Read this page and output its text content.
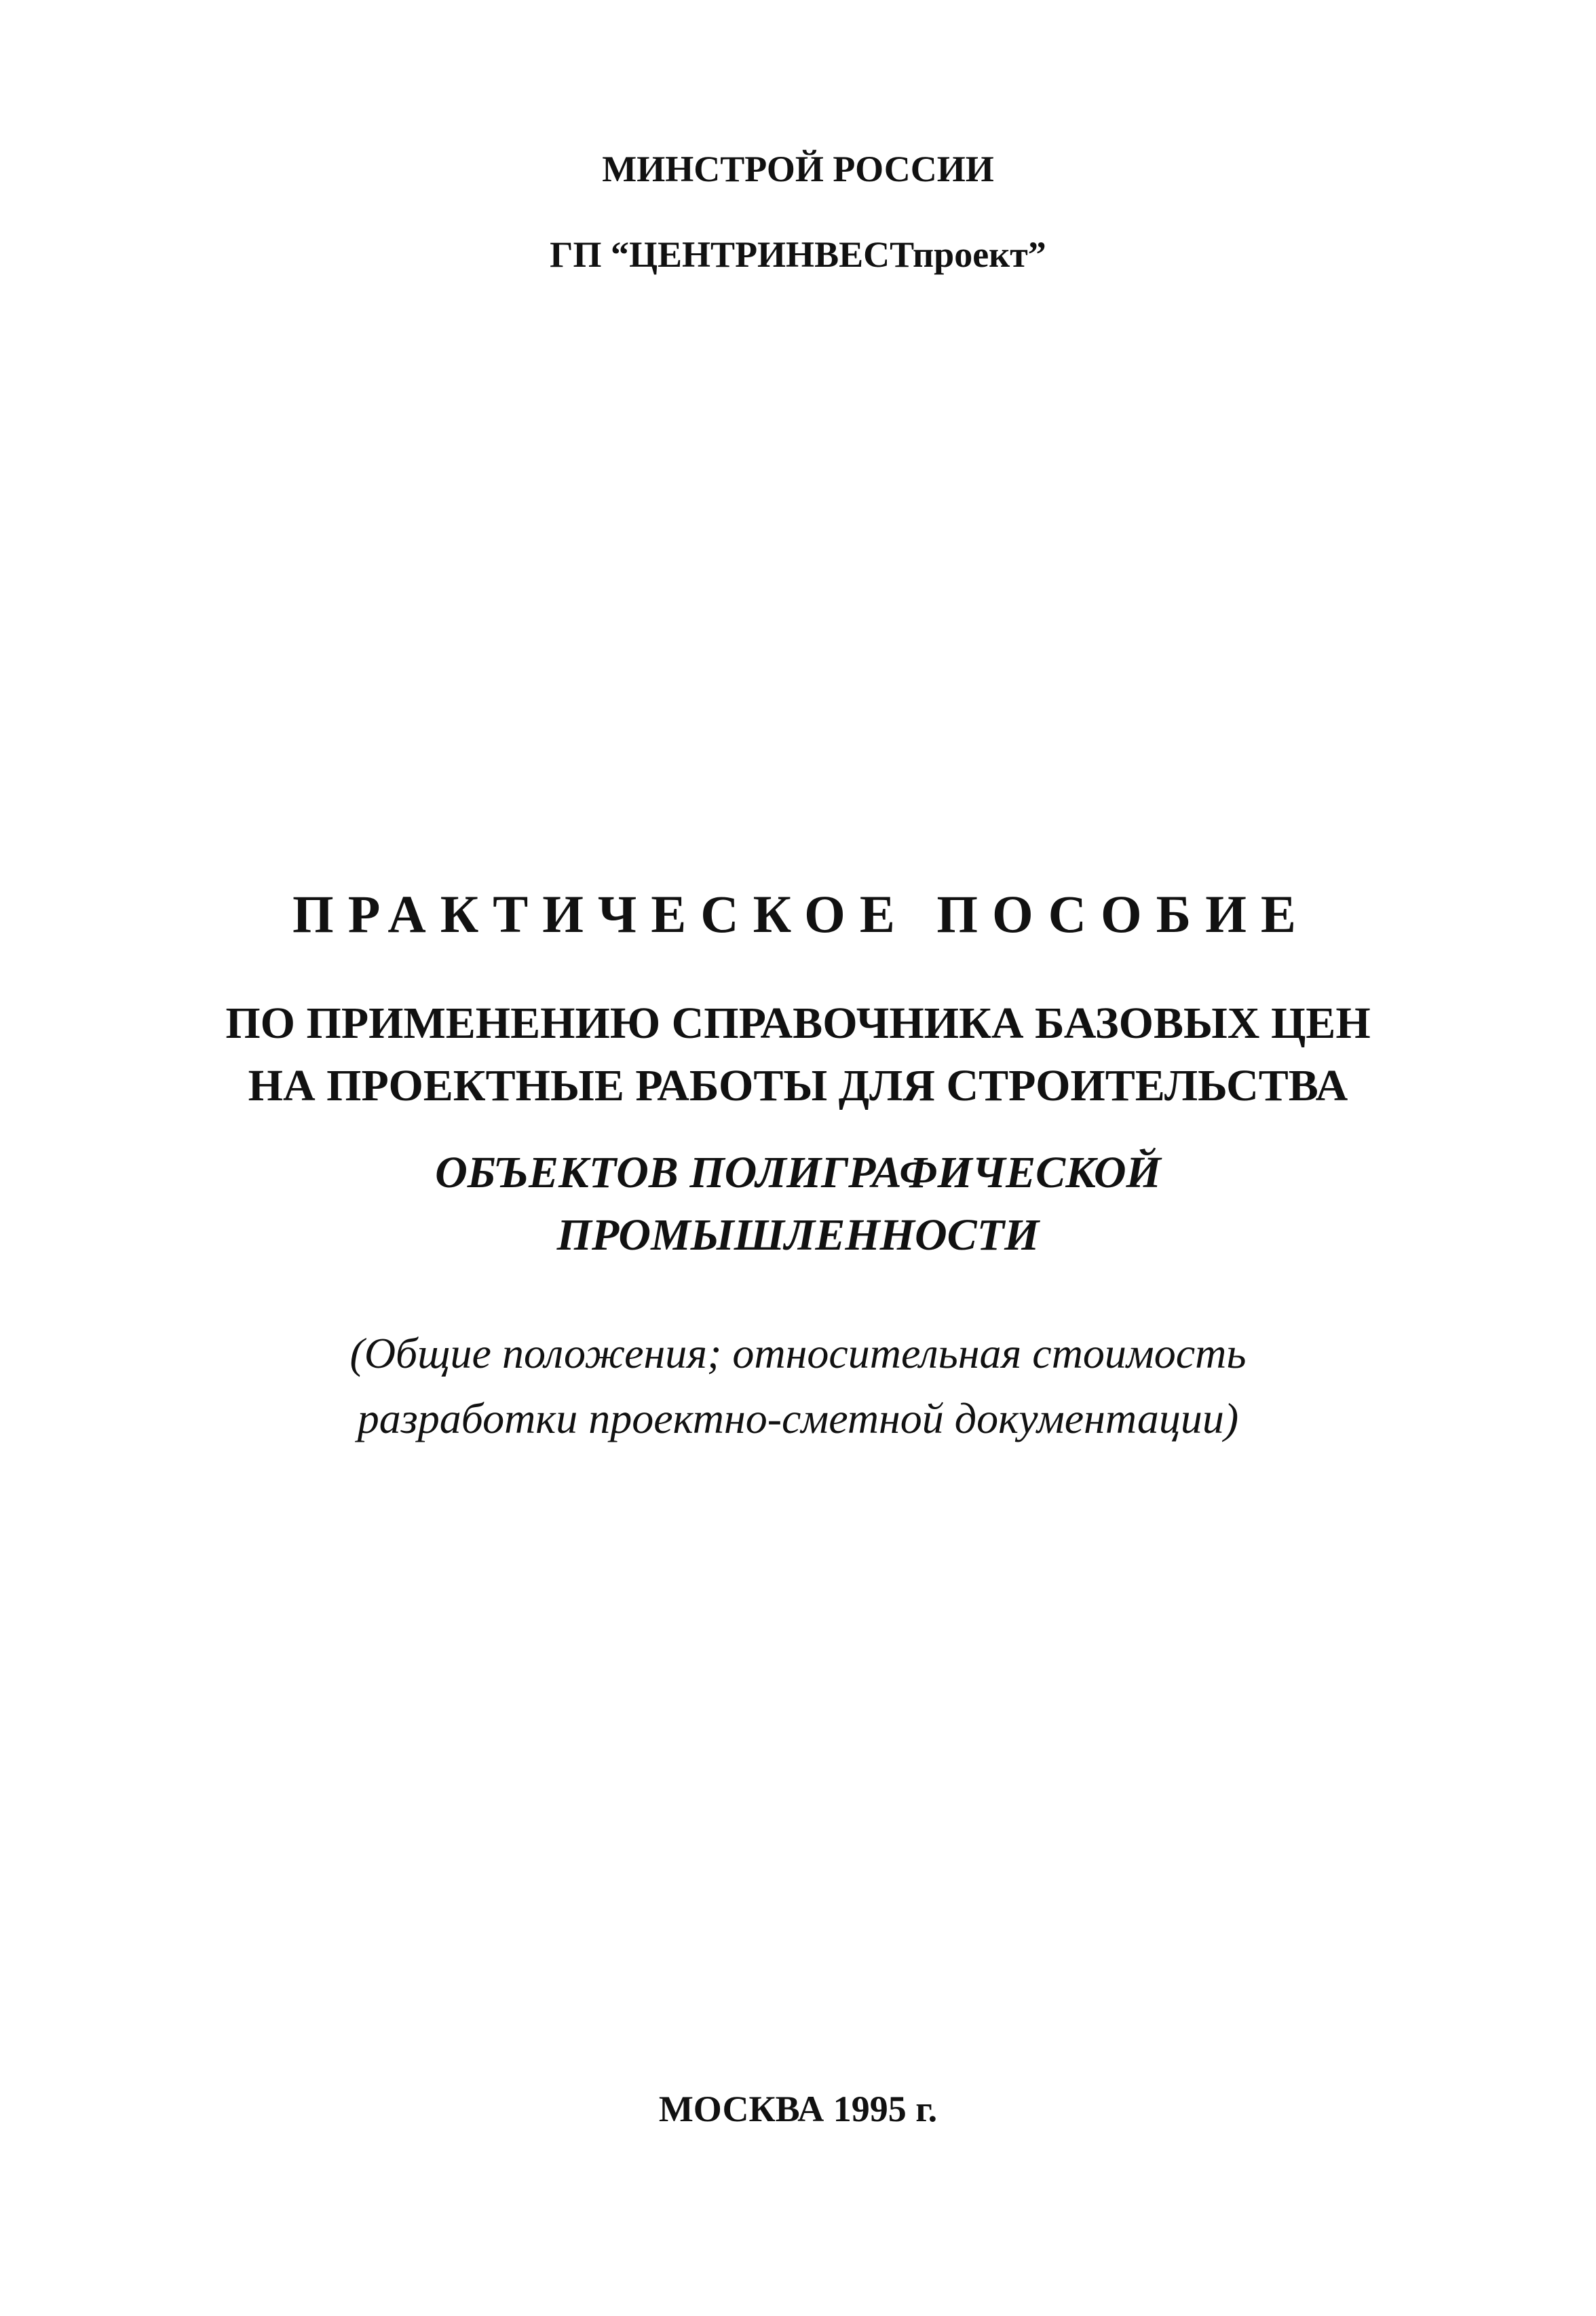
МИНСТРОЙ РОССИИ
ГП “ЦЕНТРИНВЕСТпроект”
ПРАКТИЧЕСКОЕ ПОСОБИЕ
ПО ПРИМЕНЕНИЮ СПРАВОЧНИКА БАЗОВЫХ ЦЕН
НА ПРОЕКТНЫЕ РАБОТЫ ДЛЯ СТРОИТЕЛЬСТВА
ОБЪЕКТОВ ПОЛИГРАФИЧЕСКОЙ
ПРОМЫШЛЕННОСТИ
(Общие положения; относительная стоимость
разработки проектно-сметной документации)
МОСКВА 1995 г.
